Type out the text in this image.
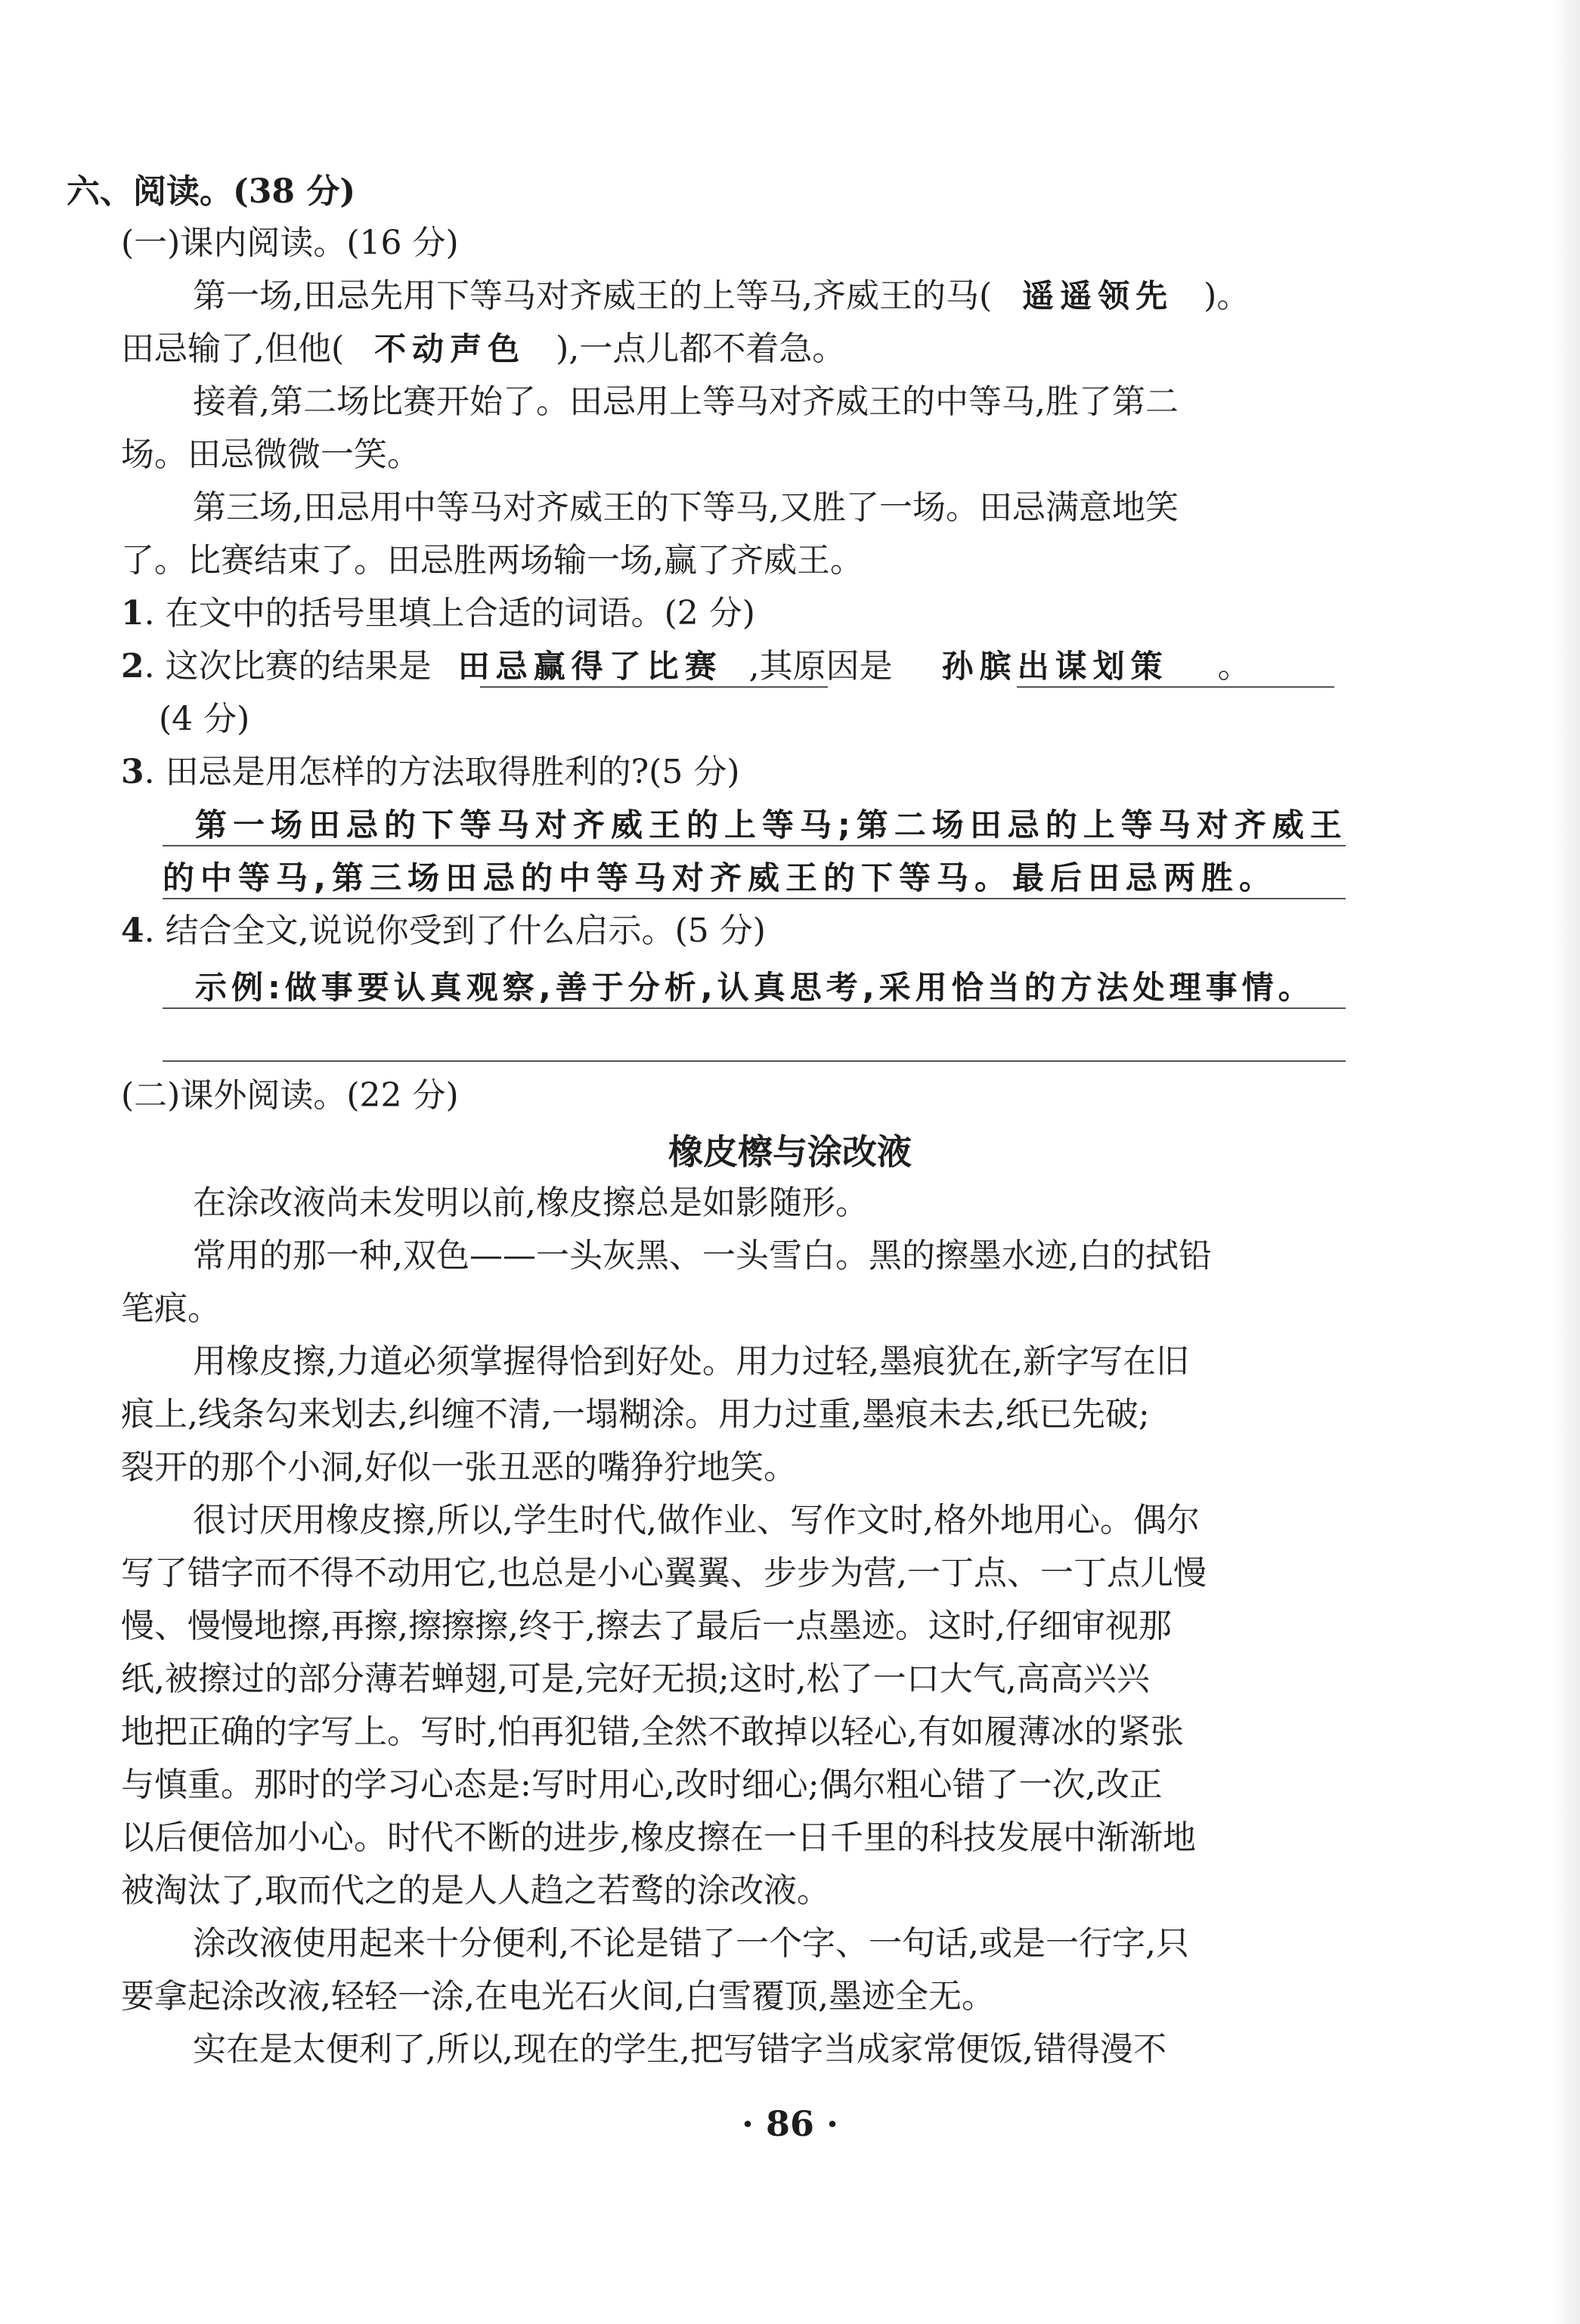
六、阅读。(38 分)
(一)课内阅读。(16 分)
第一场,田忌先用下等马对齐威王的上等马,齐威王的马( 遥遥领先 )。
田忌输了,但他( 不动声色 ),一点儿都不着急。
接着,第二场比赛开始了。田忌用上等马对齐威王的中等马,胜了第二
场。田忌微微一笑。
第三场,田忌用中等马对齐威王的下等马,又胜了一场。田忌满意地笑
了。比赛结束了。田忌胜两场输一场,赢了齐威王。
1. 在文中的括号里填上合适的词语。(2 分)
2. 这次比赛的结果是 田忌赢得了比赛 ,其原因是 孙膑出谋划策 。
(4 分)
3. 田忌是用怎样的方法取得胜利的?(5 分)
第一场田忌的下等马对齐威王的上等马;第二场田忌的上等马对齐威王
的中等马,第三场田忌的中等马对齐威王的下等马。最后田忌两胜。
4. 结合全文,说说你受到了什么启示。(5 分)
示例:做事要认真观察,善于分析,认真思考,采用恰当的方法处理事情。
(二)课外阅读。(22 分)
橡皮檫与涂改液
在涂改液尚未发明以前,橡皮擦总是如影随形。
常用的那一种,双色——一头灰黑、一头雪白。黑的擦墨水迹,白的拭铅
笔痕。
用橡皮擦,力道必须掌握得恰到好处。用力过轻,墨痕犹在,新字写在旧
痕上,线条勾来划去,纠缠不清,一塌糊涂。用力过重,墨痕未去,纸已先破;
裂开的那个小洞,好似一张丑恶的嘴狰狞地笑。
很讨厌用橡皮擦,所以,学生时代,做作业、写作文时,格外地用心。偶尔
写了错字而不得不动用它,也总是小心翼翼、步步为营,一丁点、一丁点儿慢
慢、慢慢地擦,再擦,擦擦擦,终于,擦去了最后一点墨迹。这时,仔细审视那
纸,被擦过的部分薄若蝉翅,可是,完好无损;这时,松了一口大气,高高兴兴
地把正确的字写上。写时,怕再犯错,全然不敢掉以轻心,有如履薄冰的紧张
与慎重。那时的学习心态是:写时用心,改时细心;偶尔粗心错了一次,改正
以后便倍加小心。时代不断的进步,橡皮擦在一日千里的科技发展中渐渐地
被淘汰了,取而代之的是人人趋之若鹜的涂改液。
涂改液使用起来十分便利,不论是错了一个字、一句话,或是一行字,只
要拿起涂改液,轻轻一涂,在电光石火间,白雪覆顶,墨迹全无。
实在是太便利了,所以,现在的学生,把写错字当成家常便饭,错得漫不
· 86 ·
